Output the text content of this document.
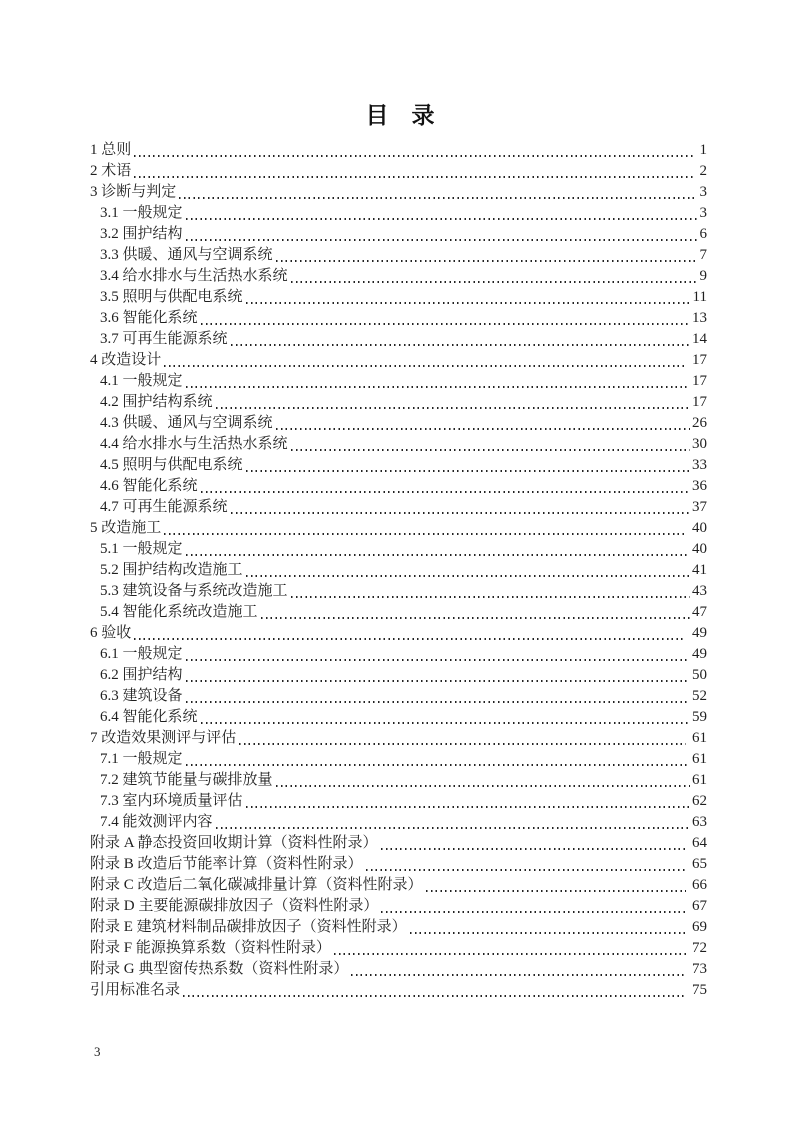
目　录
1 总则	1
2 术语	2
3 诊断与判定	3
3.1 一般规定	3
3.2 围护结构	6
3.3 供暖、通风与空调系统	7
3.4 给水排水与生活热水系统	9
3.5 照明与供配电系统	11
3.6 智能化系统	13
3.7 可再生能源系统	14
4 改造设计	17
4.1 一般规定	17
4.2 围护结构系统	17
4.3 供暖、通风与空调系统	26
4.4 给水排水与生活热水系统	30
4.5 照明与供配电系统	33
4.6 智能化系统	36
4.7 可再生能源系统	37
5 改造施工	40
5.1 一般规定	40
5.2 围护结构改造施工	41
5.3 建筑设备与系统改造施工	43
5.4 智能化系统改造施工	47
6 验收	49
6.1 一般规定	49
6.2 围护结构	50
6.3 建筑设备	52
6.4 智能化系统	59
7 改造效果测评与评估	61
7.1 一般规定	61
7.2 建筑节能量与碳排放量	61
7.3 室内环境质量评估	62
7.4 能效测评内容	63
附录 A 静态投资回收期计算（资料性附录）	64
附录 B 改造后节能率计算（资料性附录）	65
附录 C 改造后二氧化碳减排量计算（资料性附录）	66
附录 D 主要能源碳排放因子（资料性附录）	67
附录 E 建筑材料制品碳排放因子（资料性附录）	69
附录 F 能源换算系数（资料性附录）	72
附录 G 典型窗传热系数（资料性附录）	73
引用标准名录	75
3
